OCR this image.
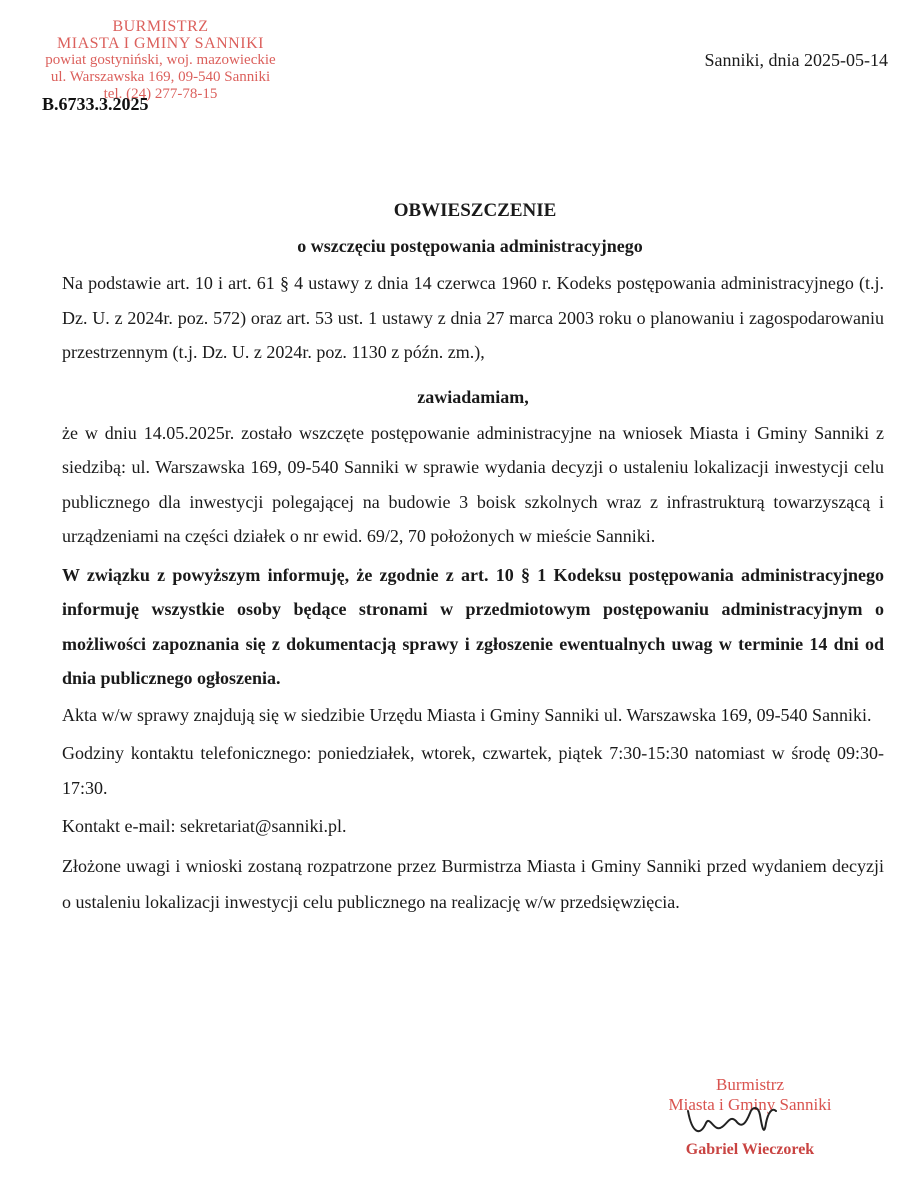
BURMISTRZ
MIASTA I GMINY SANNIKI
powiat gostyniński, woj. mazowieckie
ul. Warszawska 169, 09-540 Sanniki
tel. (24) 277-78-15
B.6733.3.2025
Sanniki, dnia 2025-05-14
OBWIESZCZENIE
o wszczęciu postępowania administracyjnego

Na podstawie art. 10 i art. 61 § 4 ustawy z dnia 14 czerwca 1960 r. Kodeks postępowania administracyjnego (t.j. Dz. U. z 2024r. poz. 572) oraz art. 53 ust. 1 ustawy z dnia 27 marca 2003 roku o planowaniu i zagospodarowaniu przestrzennym (t.j. Dz. U. z 2024r. poz. 1130 z późn. zm.),

zawiadamiam,

że w dniu 14.05.2025r. zostało wszczęte postępowanie administracyjne na wniosek Miasta i Gminy Sanniki z siedzibą: ul. Warszawska 169, 09-540 Sanniki w sprawie wydania decyzji o ustaleniu lokalizacji inwestycji celu publicznego dla inwestycji polegającej na budowie 3 boisk szkolnych wraz z infrastrukturą towarzyszącą i urządzeniami na części działek o nr ewid. 69/2, 70 położonych w mieście Sanniki.

W związku z powyższym informuję, że zgodnie z art. 10 § 1 Kodeksu postępowania administracyjnego informuję wszystkie osoby będące stronami w przedmiotowym postępowaniu administracyjnym o możliwości zapoznania się z dokumentacją sprawy i zgłoszenie ewentualnych uwag w terminie 14 dni od dnia publicznego ogłoszenia.

Akta w/w sprawy znajdują się w siedzibie Urzędu Miasta i Gminy Sanniki ul. Warszawska 169, 09-540 Sanniki.

Godziny kontaktu telefonicznego: poniedziałek, wtorek, czwartek, piątek 7:30-15:30 natomiast w środę 09:30-17:30.

Kontakt e-mail: sekretariat@sanniki.pl.

Złożone uwagi i wnioski zostaną rozpatrzone przez Burmistrza Miasta i Gminy Sanniki przed wydaniem decyzji o ustaleniu lokalizacji inwestycji celu publicznego na realizację w/w przedsięwzięcia.

Burmistrz
Miasta i Gminy Sanniki
Gabriel Wieczorek
